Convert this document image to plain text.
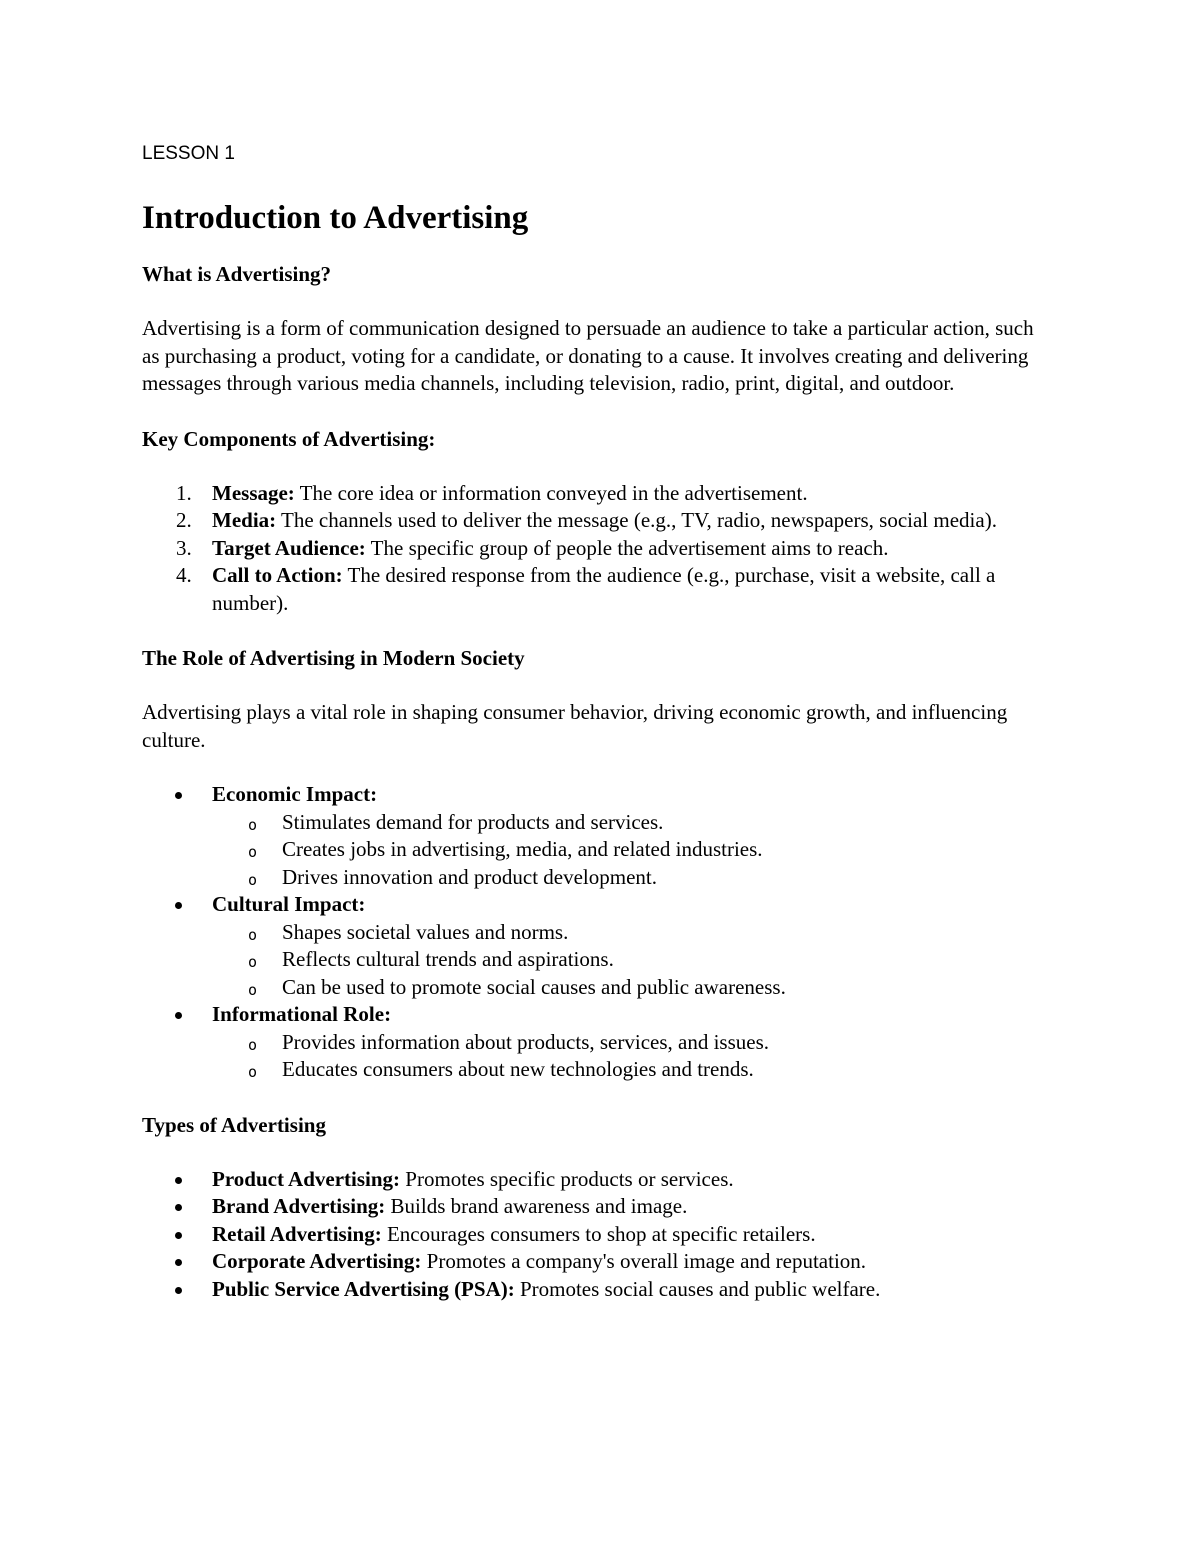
LESSON 1

Introduction to Advertising
What is Advertising?

Advertising is a form of communication designed to persuade an audience to take a particular action, such as purchasing a product, voting for a candidate, or donating to a cause. It involves creating and delivering messages through various media channels, including television, radio, print, digital, and outdoor.

Key Components of Advertising:
1. Message: The core idea or information conveyed in the advertisement.
2. Media: The channels used to deliver the message (e.g., TV, radio, newspapers, social media).
3. Target Audience: The specific group of people the advertisement aims to reach.
4. Call to Action: The desired response from the audience (e.g., purchase, visit a website, call a number).
The Role of Advertising in Modern Society

Advertising plays a vital role in shaping consumer behavior, driving economic growth, and influencing culture.

Economic Impact:
o Stimulates demand for products and services.
o Creates jobs in advertising, media, and related industries.
o Drives innovation and product development.
Cultural Impact:
o Shapes societal values and norms.
o Reflects cultural trends and aspirations.
o Can be used to promote social causes and public awareness.
Informational Role:
o Provides information about products, services, and issues.
o Educates consumers about new technologies and trends.
Types of Advertising
Product Advertising: Promotes specific products or services.
Brand Advertising: Builds brand awareness and image.
Retail Advertising: Encourages consumers to shop at specific retailers.
Corporate Advertising: Promotes a company's overall image and reputation.
Public Service Advertising (PSA): Promotes social causes and public welfare.
